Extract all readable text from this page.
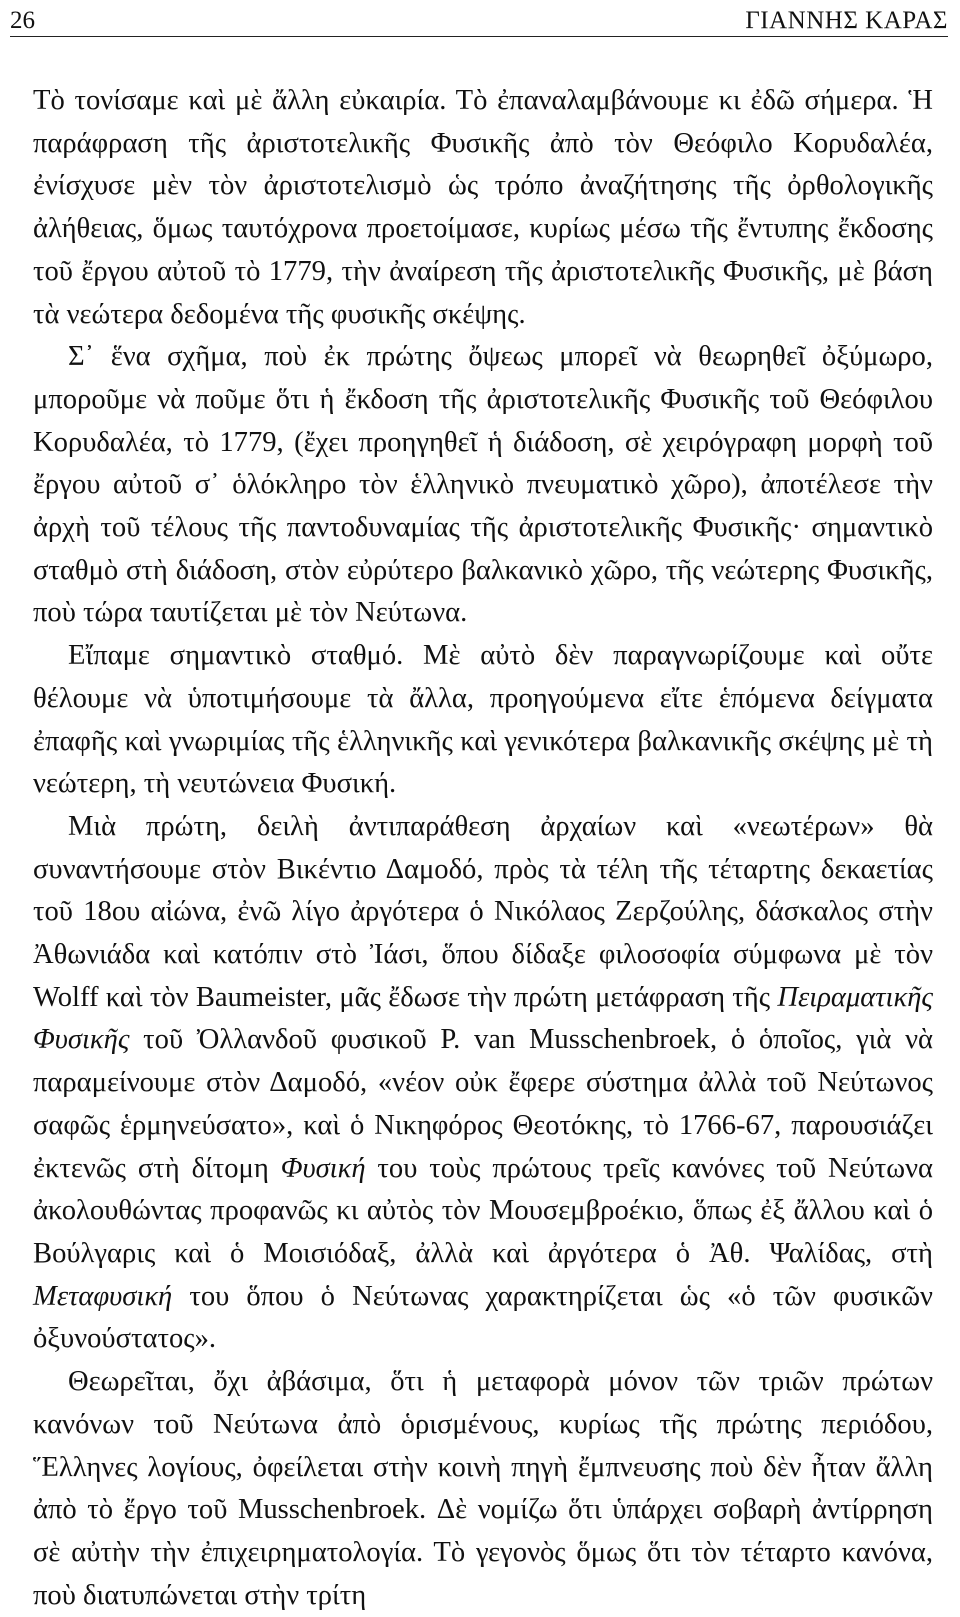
26	ΓΙΑΝΝΗΣ ΚΑΡΑΣ

Τὸ τονίσαμε καὶ μὲ ἄλλη εὐκαιρία. Τὸ ἐπαναλαμβάνουμε κι ἐδῶ σήμερα. Ἡ παράφραση τῆς ἀριστοτελικῆς Φυσικῆς ἀπὸ τὸν Θεόφιλο Κορυδαλέα, ἐνίσχυσε μὲν τὸν ἀριστοτελισμὸ ὡς τρόπο ἀναζήτησης τῆς ὀρθολογικῆς ἀλήθειας, ὅμως ταυτόχρονα προετοίμασε, κυρίως μέσω τῆς ἔντυπης ἔκδοσης τοῦ ἔργου αὐτοῦ τὸ 1779, τὴν ἀναίρεση τῆς ἀριστοτελικῆς Φυσικῆς, μὲ βάση τὰ νεώτερα δεδομένα τῆς φυσικῆς σκέψης.

Σ᾽ ἕνα σχῆμα, ποὺ ἐκ πρώτης ὄψεως μπορεῖ νὰ θεωρηθεῖ ὀξύμωρο, μποροῦμε νὰ ποῦμε ὅτι ἡ ἔκδοση τῆς ἀριστοτελικῆς Φυσικῆς τοῦ Θεόφιλου Κορυδαλέα, τὸ 1779, (ἔχει προηγηθεῖ ἡ διάδοση, σὲ χειρόγραφη μορφὴ τοῦ ἔργου αὐτοῦ σ᾽ ὁλόκληρο τὸν ἑλληνικὸ πνευματικὸ χῶρο), ἀποτέλεσε τὴν ἀρχὴ τοῦ τέλους τῆς παντοδυναμίας τῆς ἀριστοτελικῆς Φυσικῆς· σημαντικὸ σταθμὸ στὴ διάδοση, στὸν εὐρύτερο βαλκανικὸ χῶρο, τῆς νεώτερης Φυσικῆς, ποὺ τώρα ταυτίζεται μὲ τὸν Νεύτωνα.

Εἴπαμε σημαντικὸ σταθμό. Μὲ αὐτὸ δὲν παραγνωρίζουμε καὶ οὔτε θέλουμε νὰ ὑποτιμήσουμε τὰ ἄλλα, προηγούμενα εἴτε ἑπόμενα δείγματα ἐπαφῆς καὶ γνωριμίας τῆς ἑλληνικῆς καὶ γενικότερα βαλκανικῆς σκέψης μὲ τὴ νεώτερη, τὴ νευτώνεια Φυσική.

Μιὰ πρώτη, δειλὴ ἀντιπαράθεση ἀρχαίων καὶ «νεωτέρων» θὰ συναντήσουμε στὸν Βικέντιο Δαμοδό, πρὸς τὰ τέλη τῆς τέταρτης δεκαετίας τοῦ 18ου αἰώνα, ἐνῶ λίγο ἀργότερα ὁ Νικόλαος Ζερζούλης, δάσκαλος στὴν Ἀθωνιάδα καὶ κατόπιν στὸ Ἰάσι, ὅπου δίδαξε φιλοσοφία σύμφωνα μὲ τὸν Wolff καὶ τὸν Baumeister, μᾶς ἔδωσε τὴν πρώτη μετάφραση τῆς Πειραματικῆς Φυσικῆς τοῦ Ὀλλανδοῦ φυσικοῦ P. van Musschenbroek, ὁ ὁποῖος, γιὰ νὰ παραμείνουμε στὸν Δαμοδό, «νέον οὐκ ἔφερε σύστημα ἀλλὰ τοῦ Νεύτωνος σαφῶς ἑρμηνεύσατο», καὶ ὁ Νικηφόρος Θεοτόκης, τὸ 1766-67, παρουσιάζει ἐκτενῶς στὴ δίτομη Φυσική του τοὺς πρώτους τρεῖς κανόνες τοῦ Νεύτωνα ἀκολουθώντας προφανῶς κι αὐτὸς τὸν Μουσεμβροέκιο, ὅπως ἐξ ἄλλου καὶ ὁ Βούλγαρις καὶ ὁ Μοισιόδαξ, ἀλλὰ καὶ ἀργότερα ὁ Ἀθ. Ψαλίδας, στὴ Μεταφυσική του ὅπου ὁ Νεύτωνας χαρακτηρίζεται ὡς «ὁ τῶν φυσικῶν ὀξυνούστατος».

Θεωρεῖται, ὄχι ἀβάσιμα, ὅτι ἡ μεταφορὰ μόνον τῶν τριῶν πρώτων κανόνων τοῦ Νεύτωνα ἀπὸ ὁρισμένους, κυρίως τῆς πρώτης περιόδου, Ἕλληνες λογίους, ὀφείλεται στὴν κοινὴ πηγὴ ἔμπνευσης ποὺ δὲν ἦταν ἄλλη ἀπὸ τὸ ἔργο τοῦ Musschenbroek. Δὲ νομίζω ὅτι ὑπάρχει σοβαρὴ ἀντίρρηση σὲ αὐτὴν τὴν ἐπιχειρηματολογία. Τὸ γεγονὸς ὅμως ὅτι τὸν τέταρτο κανόνα, ποὺ διατυπώνεται στὴν τρίτη
